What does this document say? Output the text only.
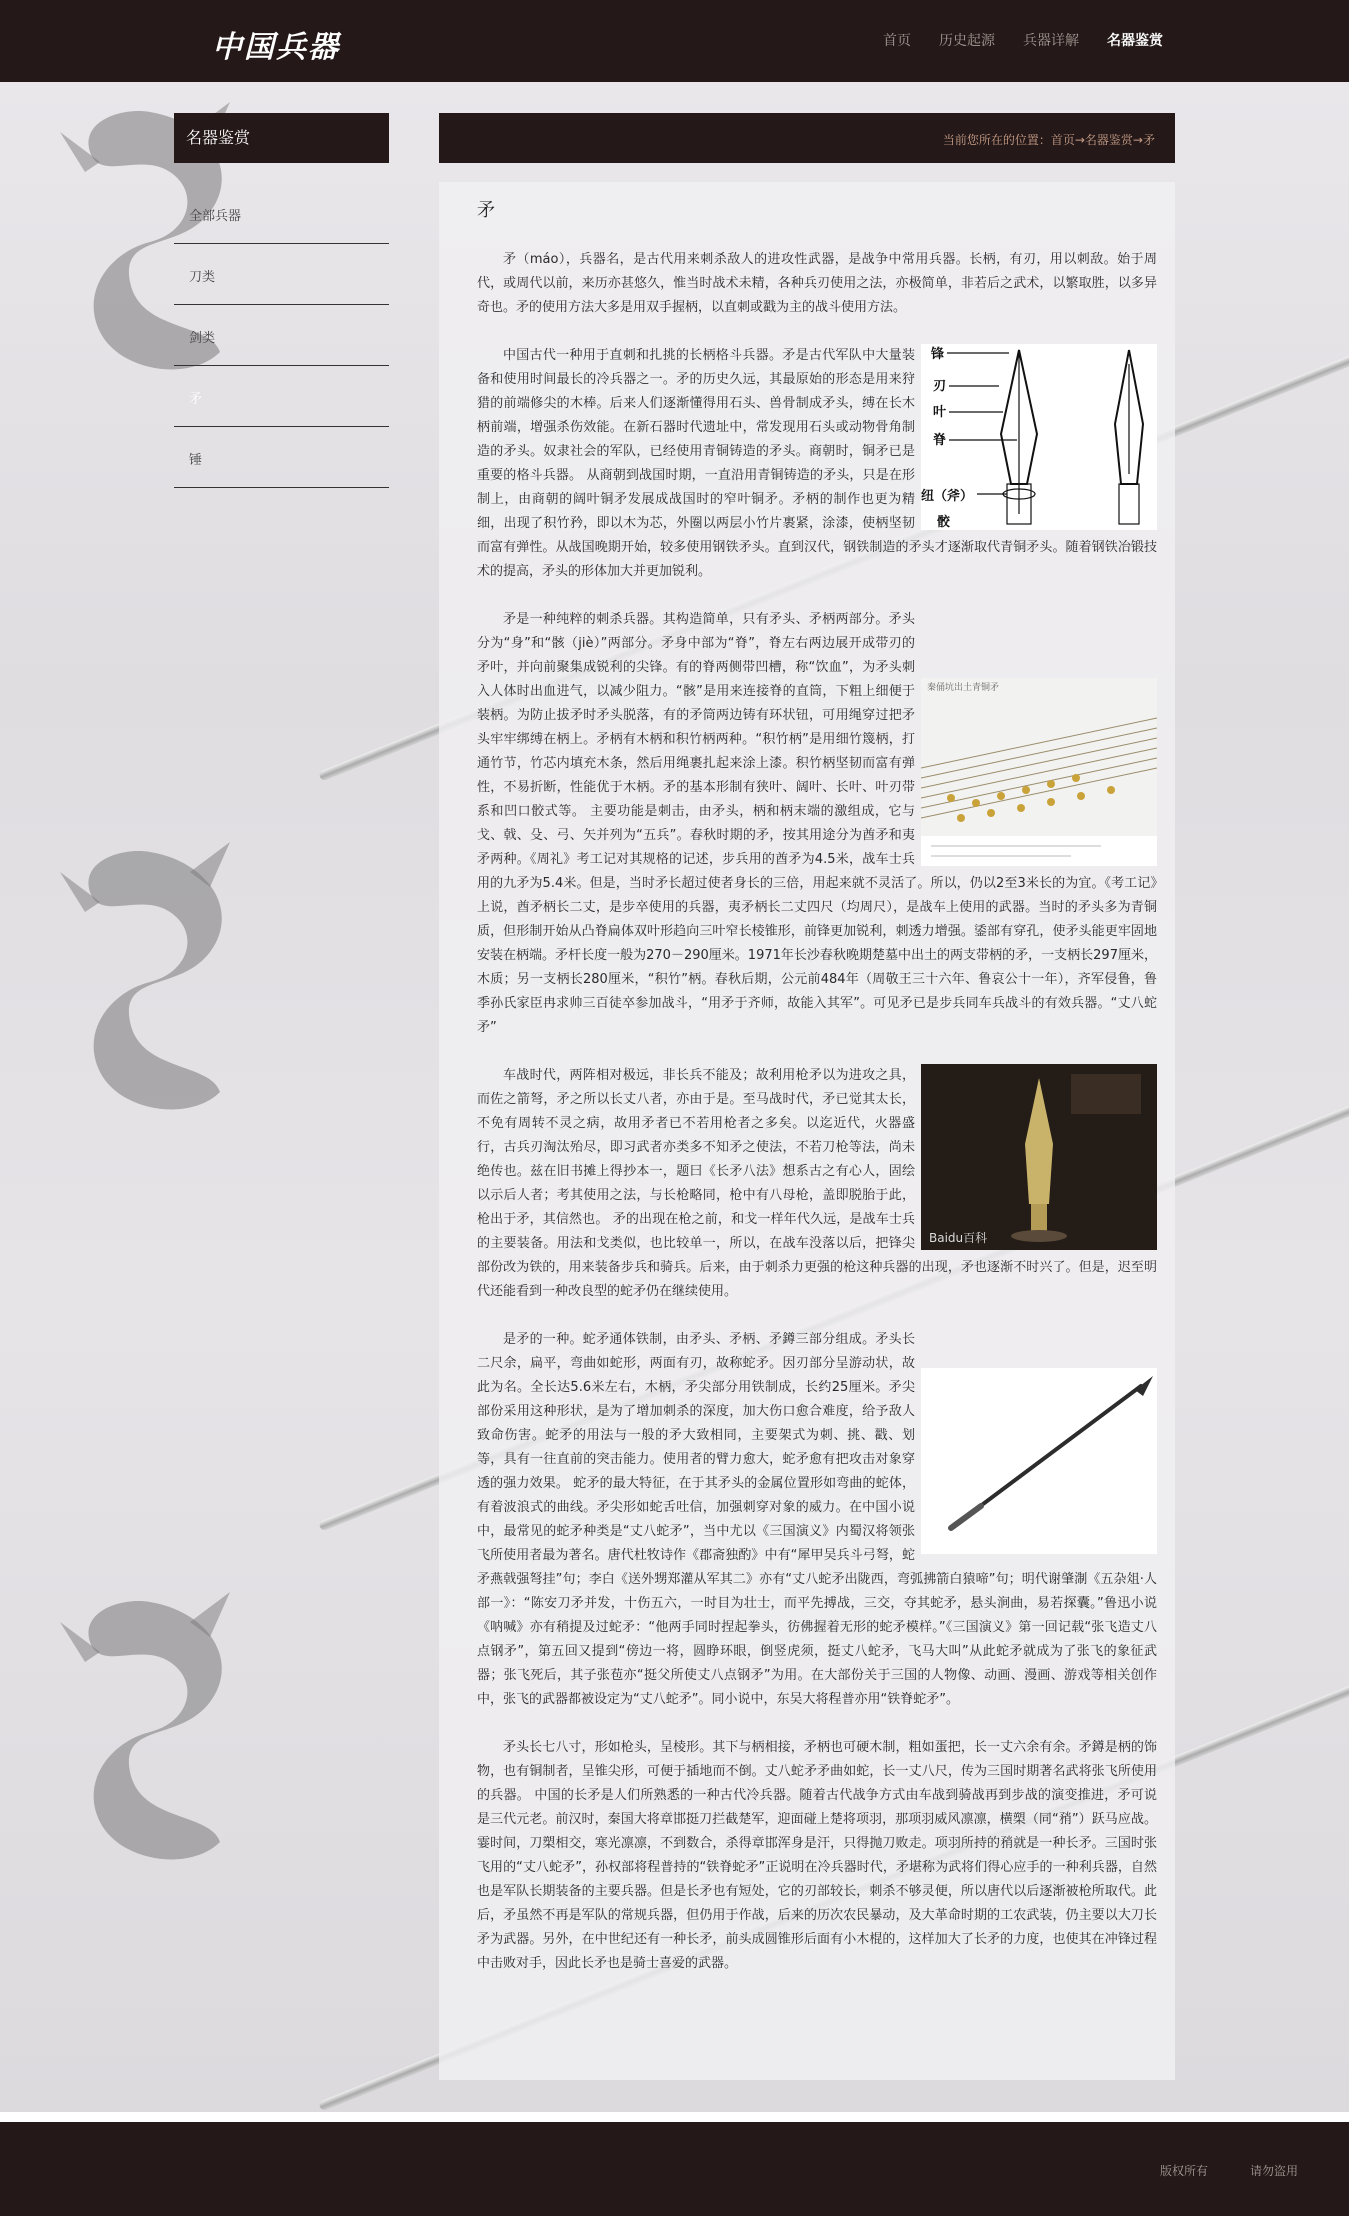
中国兵器	首页 历史起源 兵器详解 名器鉴赏
名器鉴赏
全部兵器
刀类
剑类
矛
锤
当前您所在的位置：首页→名器鉴赏→矛
矛

矛（máo），兵器名，是古代用来刺杀敌人的进攻性武器，是战争中常用兵器。长柄，有刃，用以刺敌。始于周代，或周代以前，来历亦甚悠久，惟当时战术未精，各种兵刃使用之法，亦极简单，非若后之武术，以繁取胜，以多异奇也。矛的使用方法大多是用双手握柄，以直刺或戳为主的战斗使用方法。

锋
刃
叶
脊
纽（斧）
骹

中国古代一种用于直刺和扎挑的长柄格斗兵器。矛是古代军队中大量装备和使用时间最长的冷兵器之一。矛的历史久远，其最原始的形态是用来狩猎的前端修尖的木棒。后来人们逐渐懂得用石头、兽骨制成矛头，缚在长木柄前端，增强杀伤效能。在新石器时代遗址中，常发现用石头或动物骨角制造的矛头。奴隶社会的军队，已经使用青铜铸造的矛头。商朝时，铜矛已是重要的格斗兵器。 从商朝到战国时期，一直沿用青铜铸造的矛头，只是在形制上，由商朝的阔叶铜矛发展成战国时的窄叶铜矛。矛柄的制作也更为精细，出现了积竹矜，即以木为芯，外圈以两层小竹片裹紧，涂漆，使柄坚韧而富有弹性。从战国晚期开始，较多使用钢铁矛头。直到汉代，钢铁制造的矛头才逐渐取代青铜矛头。随着钢铁冶锻技术的提高，矛头的形体加大并更加锐利。

秦俑坑出土青铜矛

矛是一种纯粹的刺杀兵器。其构造简单，只有矛头、矛柄两部分。矛头分为“身”和“骸（jiè）”两部分。矛身中部为“脊”，脊左右两边展开成带刃的矛叶，并向前聚集成锐利的尖锋。有的脊两侧带凹槽，称“饮血”，为矛头刺入人体时出血进气，以减少阻力。“骸”是用来连接脊的直筒，下粗上细便于装柄。为防止拔矛时矛头脱落，有的矛筒两边铸有环状钮，可用绳穿过把矛头牢牢绑缚在柄上。矛柄有木柄和积竹柄两种。“积竹柄”是用细竹篾柄，打通竹节，竹芯内填充木条，然后用绳裹扎起来涂上漆。积竹柄坚韧而富有弹性，不易折断，性能优于木柄。矛的基本形制有狭叶、阔叶、长叶、叶刃带系和凹口骹式等。 主要功能是刺击，由矛头，柄和柄末端的激组成，它与戈、戟、殳、弓、矢并列为“五兵”。春秋时期的矛，按其用途分为酋矛和夷矛两种。《周礼》考工记对其规格的记述，步兵用的酋矛为4.5米，战车士兵用的九矛为5.4米。但是，当时矛长超过使者身长的三倍，用起来就不灵活了。所以，仍以2至3米长的为宜。《考工记》上说，酋矛柄长二丈，是步卒使用的兵器，夷矛柄长二丈四尺（均周尺），是战车上使用的武器。当时的矛头多为青铜质，但形制开始从凸脊扁体双叶形趋向三叶窄长棱锥形，前锋更加锐利，刺透力增强。鋈部有穿孔，使矛头能更牢固地安装在柄端。矛杆长度一般为270－290厘米。1971年长沙春秋晚期楚墓中出土的两支带柄的矛，一支柄长297厘米，木质；另一支柄长280厘米，“积竹”柄。春秋后期，公元前484年（周敬王三十六年、鲁哀公十一年），齐军侵鲁，鲁季孙氏家臣冉求帅三百徒卒参加战斗，“用矛于齐师，故能入其军”。可见矛已是步兵同车兵战斗的有效兵器。“丈八蛇矛”

Baidu百科

车战时代，两阵相对极远，非长兵不能及；故利用枪矛以为进攻之具，而佐之箭弩，矛之所以长丈八者，亦由于是。至马战时代，矛已觉其太长，不免有周转不灵之病，故用矛者已不若用枪者之多矣。以迄近代，火器盛行，古兵刃淘汰殆尽，即习武者亦类多不知矛之使法，不若刀枪等法，尚未绝传也。兹在旧书摊上得抄本一，题曰《长矛八法》想系古之有心人，固绘以示后人者；考其使用之法，与长枪略同，枪中有八母枪，盖即脱胎于此，枪出于矛，其信然也。 矛的出现在枪之前，和戈一样年代久远，是战车士兵的主要装备。用法和戈类似，也比较单一，所以，在战车没落以后，把锋尖部份改为铁的，用来装备步兵和骑兵。后来，由于刺杀力更强的枪这种兵器的出现，矛也逐渐不时兴了。但是，迟至明代还能看到一种改良型的蛇矛仍在继续使用。

是矛的一种。蛇矛通体铁制，由矛头、矛柄、矛鐏三部分组成。矛头长二尺余，扁平，弯曲如蛇形，两面有刃，故称蛇矛。因刃部分呈游动状，故此为名。全长达5.6米左右，木柄，矛尖部分用铁制成，长约25厘米。矛尖部份采用这种形状，是为了增加刺杀的深度，加大伤口愈合难度，给予敌人致命伤害。蛇矛的用法与一般的矛大致相同，主要架式为刺、挑、戳、划等，具有一往直前的突击能力。使用者的臂力愈大，蛇矛愈有把攻击对象穿透的强力效果。 蛇矛的最大特征，在于其矛头的金属位置形如弯曲的蛇体，有着波浪式的曲线。矛尖形如蛇舌吐信，加强刺穿对象的威力。在中国小说中，最常见的蛇矛种类是“丈八蛇矛”，当中尤以《三国演义》内蜀汉将领张飞所使用者最为著名。唐代杜牧诗作《郡斋独酌》中有“犀甲吴兵斗弓弩，蛇矛燕戟强弩挂”句；李白《送外甥郑灌从军其二》亦有“丈八蛇矛出陇西，弯弧拂箭白猿啼”句；明代谢肇淛《五杂俎·人部一》：“陈安刀矛并发，十伤五六，一时目为壮士，而平先搏战，三交，夺其蛇矛，悬头涧曲，易若探囊。”鲁迅小说《呐喊》亦有稍提及过蛇矛：“他两手同时捏起拳头，彷佛握着无形的蛇矛模样。”《三国演义》第一回记载“张飞造丈八点钢矛”，第五回又提到“傍边一将，圆睁环眼，倒竖虎须，挺丈八蛇矛，飞马大叫”从此蛇矛就成为了张飞的象征武器；张飞死后，其子张苞亦“挺父所使丈八点钢矛”为用。在大部份关于三国的人物像、动画、漫画、游戏等相关创作中，张飞的武器都被设定为“丈八蛇矛”。同小说中，东吴大将程普亦用“铁脊蛇矛”。

矛头长七八寸，形如枪头，呈棱形。其下与柄相接，矛柄也可硬木制，粗如蛋把，长一丈六余有余。矛鐏是柄的饰物，也有铜制者，呈锥尖形，可便于插地而不倒。丈八蛇矛矛曲如蛇，长一丈八尺，传为三国时期著名武将张飞所使用的兵器。 中国的长矛是人们所熟悉的一种古代冷兵器。随着古代战争方式由车战到骑战再到步战的演变推进，矛可说是三代元老。前汉时，秦国大将章邯挺刀拦截楚军，迎面碰上楚将项羽，那项羽威风凛凛，横槊（同“矟”）跃马应战。霎时间，刀槊相交，寒光凛凛，不到数合，杀得章邯浑身是汗，只得抛刀败走。项羽所持的矟就是一种长矛。三国时张飞用的“丈八蛇矛”，孙权部将程普持的“铁脊蛇矛”正说明在冷兵器时代，矛堪称为武将们得心应手的一种利兵器，自然也是军队长期装备的主要兵器。但是长矛也有短处，它的刃部较长，刺杀不够灵便，所以唐代以后逐渐被枪所取代。此后，矛虽然不再是军队的常规兵器，但仍用于作战，后来的历次农民暴动，及大革命时期的工农武装，仍主要以大刀长矛为武器。另外，在中世纪还有一种长矛，前头成圆锥形后面有小木棍的，这样加大了长矛的力度，也使其在冲锋过程中击败对手，因此长矛也是骑士喜爱的武器。

版权所有	请勿盗用
